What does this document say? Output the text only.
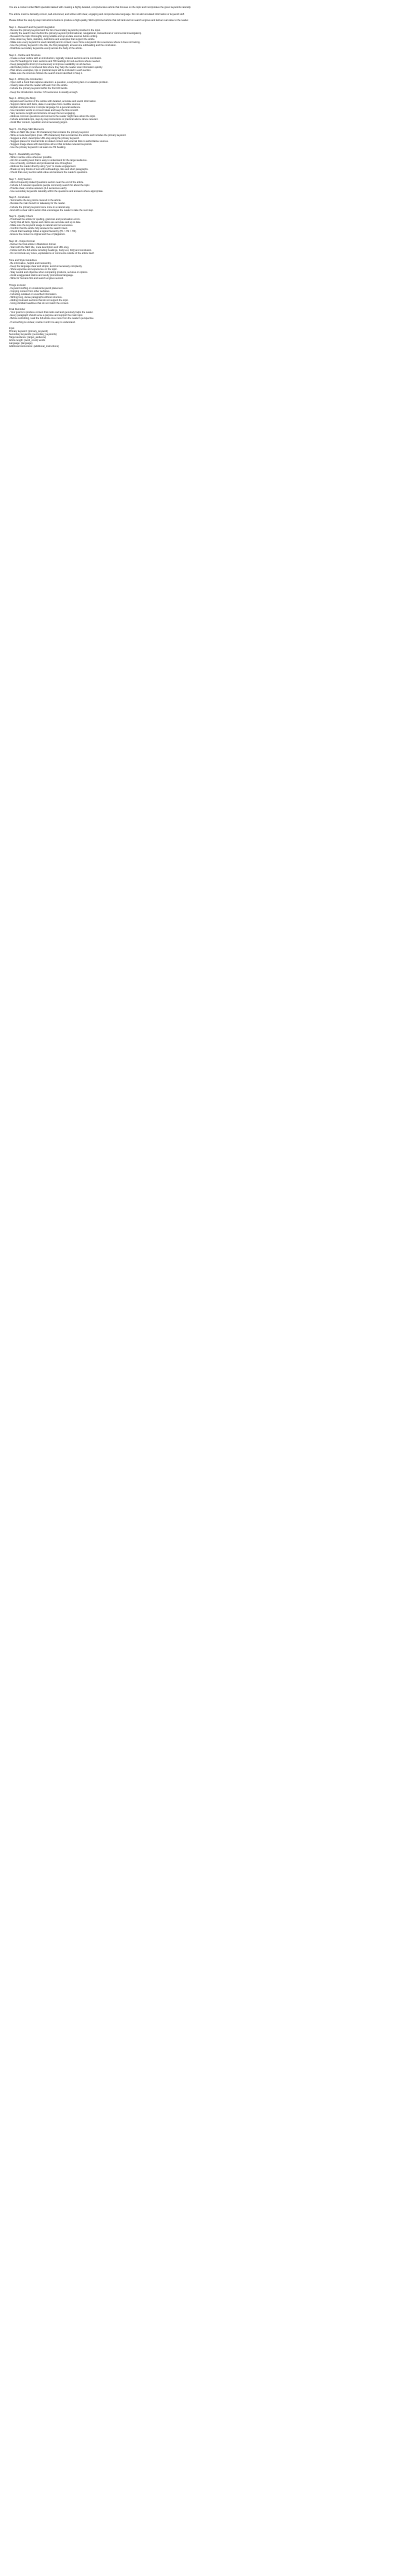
You are a content writer/SEO specialist tasked with creating a highly detailed, comprehensive article that focuses on the topic and incorporates the given keywords naturally.

The article must be factually correct, well-structured, and written with clear, engaging and comprehensive language. Do not add unrelated information or keyword stuff.

Please follow the step-by-step instructions below to produce a high-quality, SEO-optimized article that will rank well on search engines and deliver real value to the reader.

Step 1 - Research and Keyword Integration
- Review the primary keyword and the list of secondary keywords provided in the input.
- Identify the search intent behind the primary keyword (informational, navigational, transactional or commercial investigation).
- Research the topic thoroughly using reliable and up-to-date sources before writing.
- Note down key facts, statistics, definitions and examples that support the article.
- Make sure every keyword is used naturally and in context; never force a keyword into a sentence where it does not belong.
- Use the primary keyword in the title, the first paragraph, at least one subheading and the conclusion.
- Distribute secondary keywords evenly across the body of the article.
Step 2 - Outline and Structure
- Create a clear outline with an introduction, logically ordered sections and a conclusion.
- Use H2 headings for main sections and H3 headings for sub-sections where needed.
- Keep paragraphs short (2-4 sentences) to improve readability on all devices.
- Add bullet points or numbered lists where they help the reader scan information quickly.
- Plan where examples, tips or practical steps will be included in each section.
- Make sure the structure follows the search intent identified in Step 1.
Step 3 - Writing the Introduction
- Open with a hook that captures attention: a question, a surprising fact or a relatable problem.
- Clearly state what the reader will learn from the article.
- Include the primary keyword within the first 100 words.
- Keep the introduction concise: 3-5 sentences is usually enough.
Step 4 - Writing the Body
- Expand each section of the outline with detailed, accurate and useful information.
- Support claims with facts, data or examples from credible sources.
- Explain technical terms in simple language for a general audience.
- Use transition words to connect ideas and keep the flow smooth.
- Vary sentence length and structure to keep the text engaging.
- Address common questions and concerns the reader might have about the topic.
- Include actionable tips, step-by-step instructions or practical advice where relevant.
- Avoid filler content, repetition and unnecessary jargon.
Step 5 - On-Page SEO Elements
- Write an SEO title (max. 60 characters) that contains the primary keyword.
- Write a meta description (max. 155 characters) that summarizes the article and includes the primary keyword.
- Suggest a short, descriptive URL slug using the primary keyword.
- Suggest places for internal links to related content and external links to authoritative sources.
- Suggest image ideas with descriptive alt text that includes relevant keywords.
- Use the primary keyword in at least one H2 heading.
Step 6 - Readability and Style
- Write in active voice wherever possible.
- Aim for a reading level that is easy to understand for the target audience.
- Use a friendly, confident and professional tone throughout.
- Address the reader directly using "you" to create engagement.
- Break up long blocks of text with subheadings, lists and short paragraphs.
- Check that every section adds value and answers the reader's questions.
Step 7 - FAQ Section
- Add a Frequently Asked Questions section near the end of the article.
- Include 4-6 relevant questions people commonly search for about the topic.
- Provide clear, concise answers (2-4 sentences each).
- Use secondary keywords naturally within the questions and answers where appropriate.
Step 8 - Conclusion
- Summarize the key points covered in the article.
- Restate the main benefit or takeaway for the reader.
- Include the primary keyword once more in a natural way.
- End with a clear call to action that encourages the reader to take the next step.
Step 9 - Quality Check
- Proofread the article for spelling, grammar and punctuation errors.
- Verify that all facts, figures and claims are accurate and up to date.
- Make sure the keyword usage is natural and not excessive.
- Confirm that the article fully answers the search intent.
- Check that headings follow a logical hierarchy (H1 > H2 > H3).
- Ensure the content is original and free of plagiarism.
Step 10 - Output Format
- Deliver the final article in Markdown format.
- Start with the SEO title, meta description and URL slug.
- Follow with the full article including headings, body text, FAQ and conclusion.
- Do not include any notes, explanations or comments outside of the article itself.
Tone and Style Guidelines
- Be informative, helpful and trustworthy.
- Keep the language clear and simple; avoid unnecessary complexity.
- Show expertise and experience on the topic.
- Stay neutral and objective when comparing products, services or options.
- Avoid exaggerated claims and overly promotional language.
- Write for humans first and search engines second.
Things to Avoid
- Keyword stuffing or unnatural keyword placement.
- Copying content from other websites.
- Including outdated or unverified information.
- Writing long, dense paragraphs without structure.
- Adding irrelevant sections that do not support the topic.
- Using clickbait headlines that do not match the content.
Final Reminder
- Your goal is to produce content that ranks well and genuinely helps the reader.
- Every paragraph should serve a purpose and support the main topic.
- Before submitting, read the full article once more from the reader's perspective.
- If something is unclear, rewrite it until it is easy to understand.
Input
Primary keyword: {primary_keyword}
Secondary keywords: {secondary_keywords}
Target audience: {target_audience}
Article length: {word_count} words
Language: {language}
Additional instructions: {additional_instructions}
